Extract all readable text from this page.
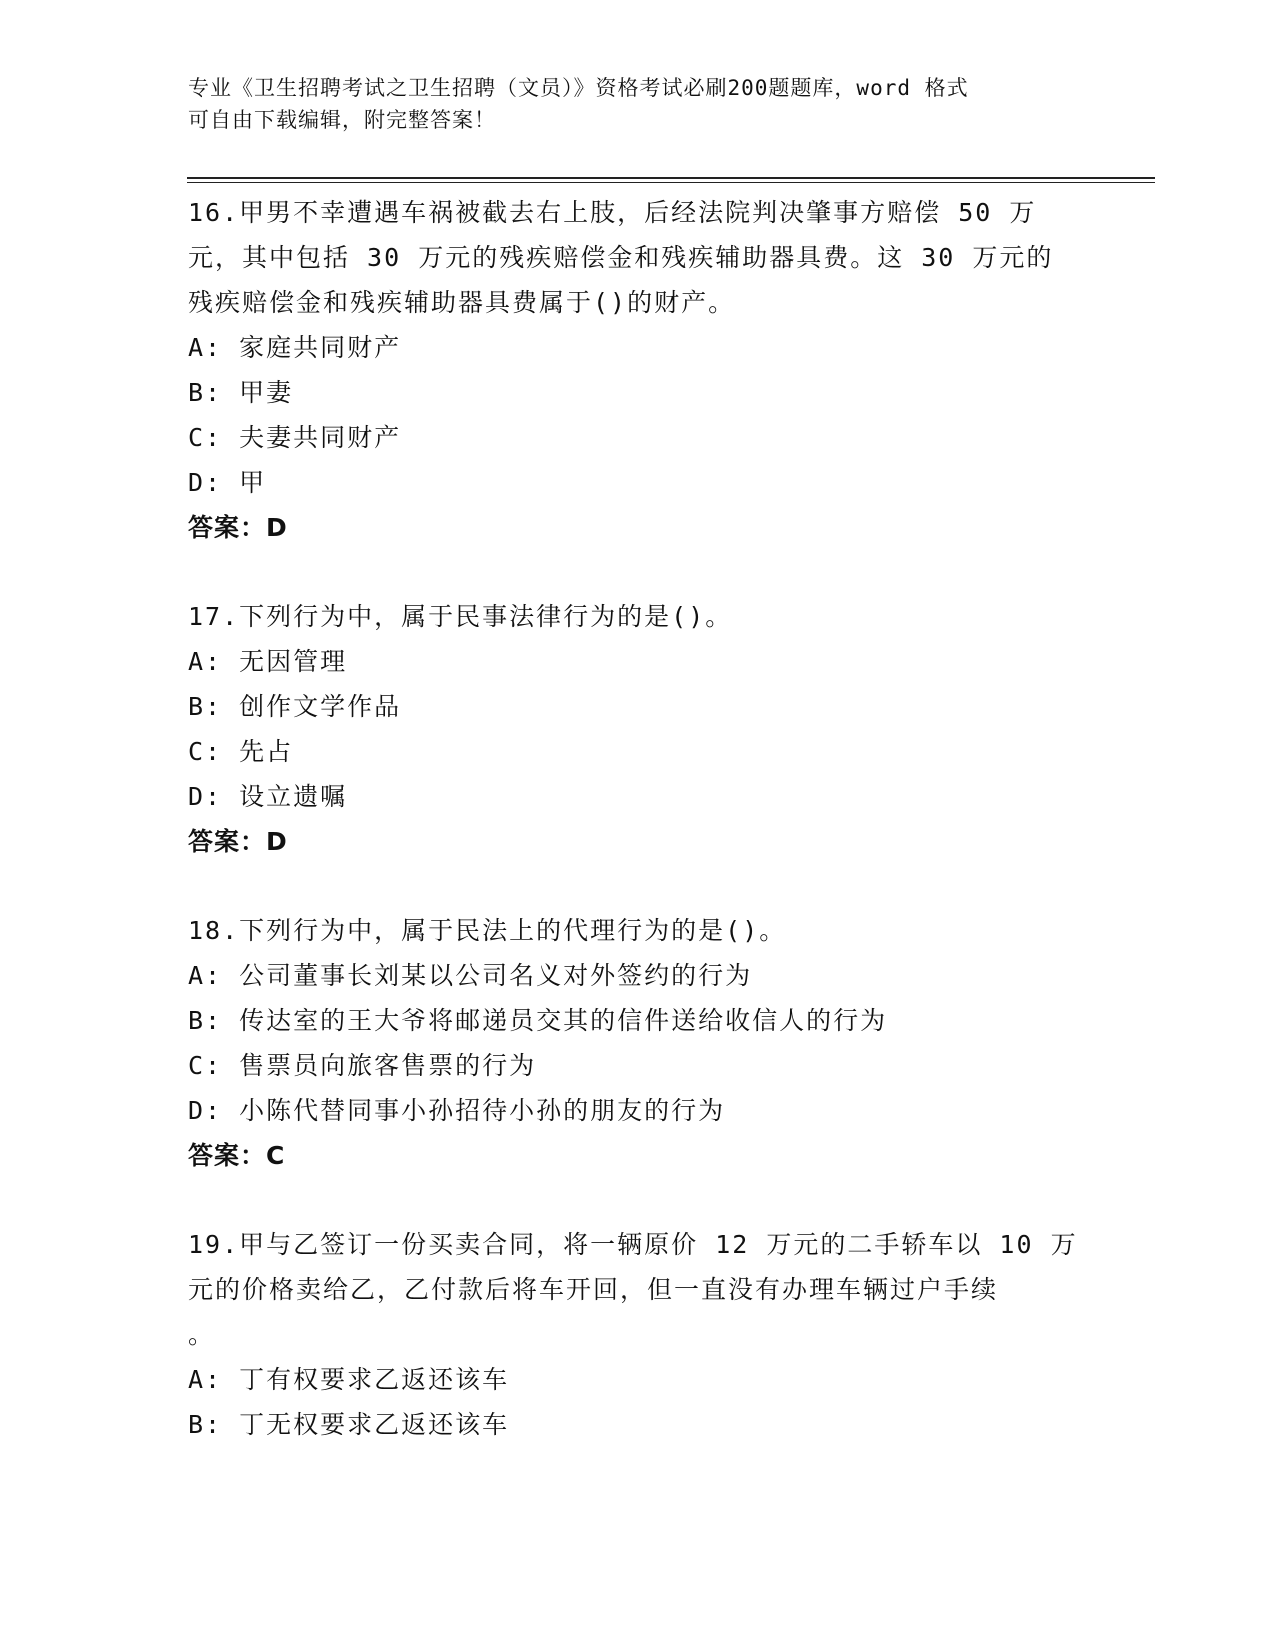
专业《卫生招聘考试之卫生招聘（文员）》资格考试必刷200题题库，word 格式
可自由下载编辑，附完整答案！
16.甲男不幸遭遇车祸被截去右上肢，后经法院判决肇事方赔偿 50 万
元，其中包括 30 万元的残疾赔偿金和残疾辅助器具费。这 30 万元的
残疾赔偿金和残疾辅助器具费属于()的财产。
A: 家庭共同财产
B: 甲妻
C: 夫妻共同财产
D: 甲
答案：D
17.下列行为中，属于民事法律行为的是()。
A: 无因管理
B: 创作文学作品
C: 先占
D: 设立遗嘱
答案：D
18.下列行为中，属于民法上的代理行为的是()。
A: 公司董事长刘某以公司名义对外签约的行为
B: 传达室的王大爷将邮递员交其的信件送给收信人的行为
C: 售票员向旅客售票的行为
D: 小陈代替同事小孙招待小孙的朋友的行为
答案：C
19.甲与乙签订一份买卖合同，将一辆原价 12 万元的二手轿车以 10 万
元的价格卖给乙，乙付款后将车开回，但一直没有办理车辆过户手续
。
A: 丁有权要求乙返还该车
B: 丁无权要求乙返还该车
